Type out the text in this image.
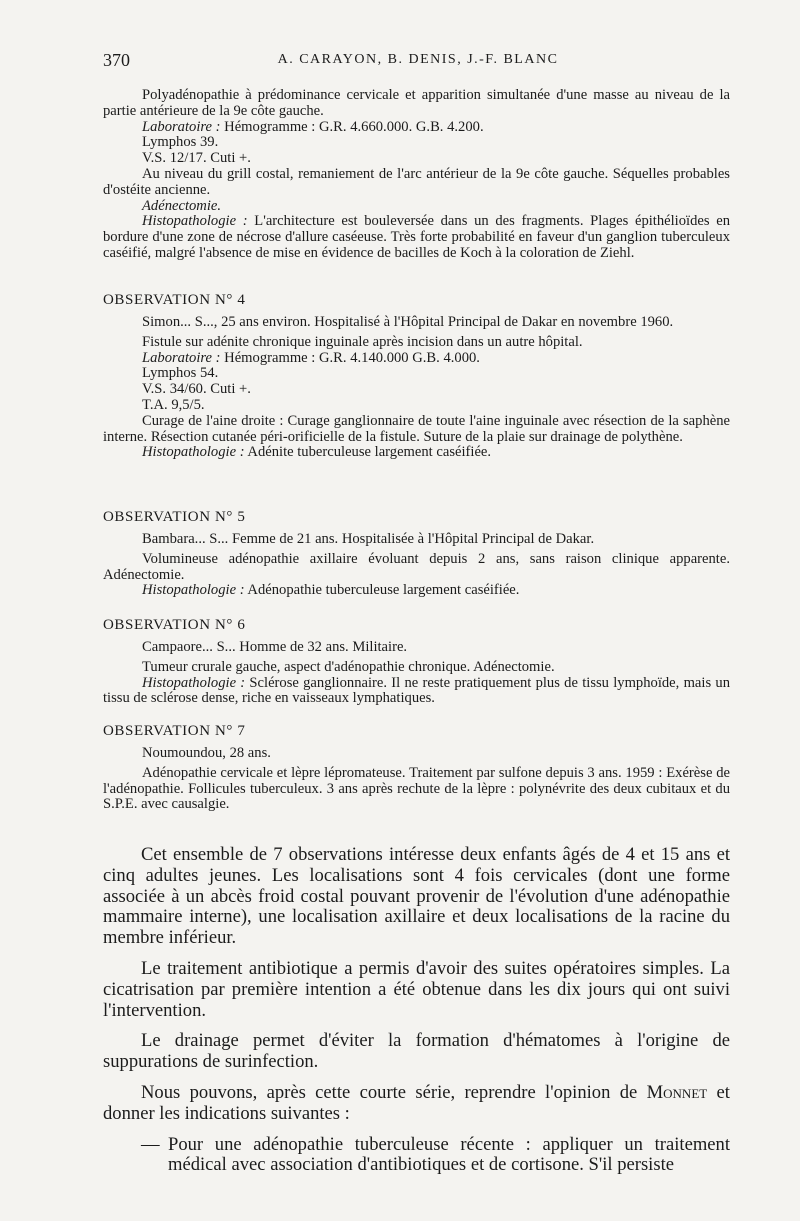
370	A. CARAYON, B. DENIS, J.-F. BLANC

Polyadénopathie à prédominance cervicale et apparition simultanée d'une masse au niveau de la partie antérieure de la 9e côte gauche.

Laboratoire : Hémogramme : G.R. 4.660.000. G.B. 4.200.

Lymphos 39.

V.S. 12/17. Cuti +.

Au niveau du grill costal, remaniement de l'arc antérieur de la 9e côte gauche. Séquelles probables d'ostéite ancienne.

Adénectomie.

Histopathologie : L'architecture est bouleversée dans un des fragments. Plages épithélioïdes en bordure d'une zone de nécrose d'allure caséeuse. Très forte probabilité en faveur d'un ganglion tuberculeux caséifié, malgré l'absence de mise en évidence de bacilles de Koch à la coloration de Ziehl.

OBSERVATION N° 4

Simon... S..., 25 ans environ. Hospitalisé à l'Hôpital Principal de Dakar en novembre 1960.

Fistule sur adénite chronique inguinale après incision dans un autre hôpital.

Laboratoire : Hémogramme : G.R. 4.140.000 G.B. 4.000.

Lymphos 54.

V.S. 34/60. Cuti +.

T.A. 9,5/5.

Curage de l'aine droite : Curage ganglionnaire de toute l'aine inguinale avec résection de la saphène interne. Résection cutanée péri-orificielle de la fistule. Suture de la plaie sur drainage de polythène.

Histopathologie : Adénite tuberculeuse largement caséifiée.

OBSERVATION N° 5

Bambara... S... Femme de 21 ans. Hospitalisée à l'Hôpital Principal de Dakar.

Volumineuse adénopathie axillaire évoluant depuis 2 ans, sans raison clinique apparente. Adénectomie.

Histopathologie : Adénopathie tuberculeuse largement caséifiée.

OBSERVATION N° 6

Campaore... S... Homme de 32 ans. Militaire.

Tumeur crurale gauche, aspect d'adénopathie chronique. Adénectomie.

Histopathologie : Sclérose ganglionnaire. Il ne reste pratiquement plus de tissu lymphoïde, mais un tissu de sclérose dense, riche en vaisseaux lymphatiques.

OBSERVATION N° 7

Noumoundou, 28 ans.

Adénopathie cervicale et lèpre lépromateuse. Traitement par sulfone depuis 3 ans. 1959 : Exérèse de l'adénopathie. Follicules tuberculeux. 3 ans après rechute de la lèpre : polynévrite des deux cubitaux et du S.P.E. avec causalgie.

Cet ensemble de 7 observations intéresse deux enfants âgés de 4 et 15 ans et cinq adultes jeunes. Les localisations sont 4 fois cervicales (dont une forme associée à un abcès froid costal pouvant provenir de l'évolution d'une adénopathie mammaire interne), une localisation axillaire et deux localisations de la racine du membre inférieur.

Le traitement antibiotique a permis d'avoir des suites opératoires simples. La cicatrisation par première intention a été obtenue dans les dix jours qui ont suivi l'intervention.

Le drainage permet d'éviter la formation d'hématomes à l'origine de suppurations de surinfection.

Nous pouvons, après cette courte série, reprendre l'opinion de Monnet et donner les indications suivantes :

— Pour une adénopathie tuberculeuse récente : appliquer un traitement médical avec association d'antibiotiques et de cortisone. S'il persiste
